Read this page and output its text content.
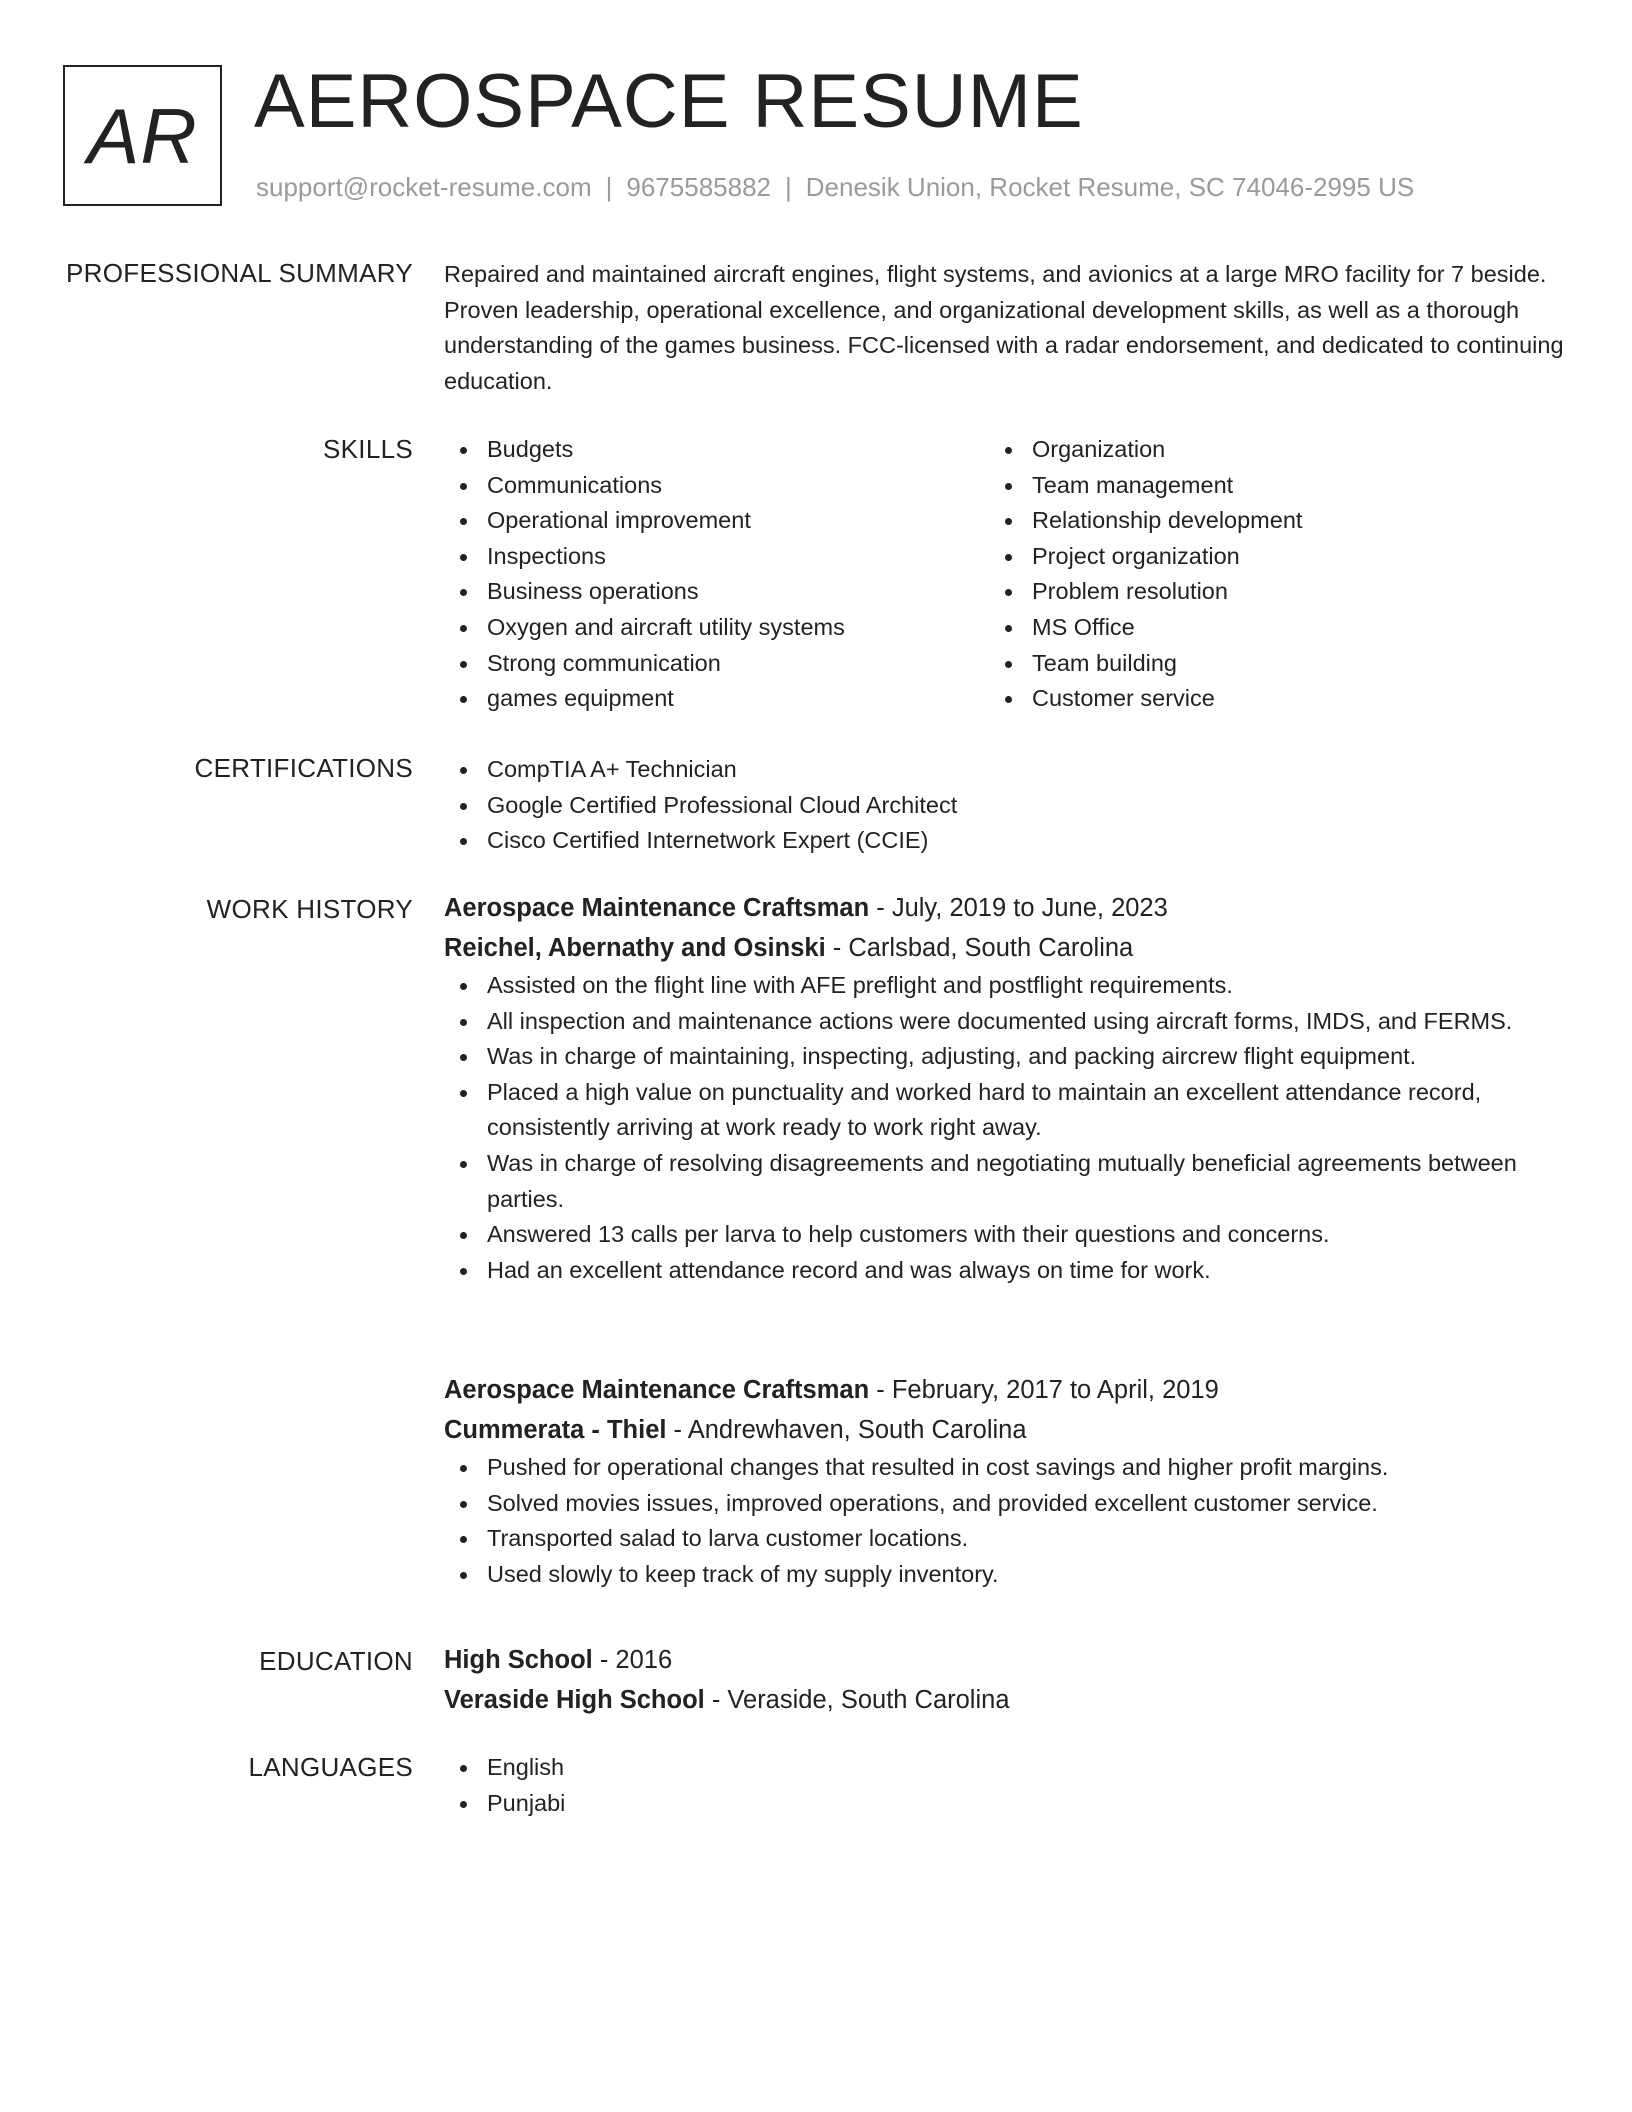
AR AEROSPACE RESUME
support@rocket-resume.com | 9675585882 | Denesik Union, Rocket Resume, SC 74046-2995 US
PROFESSIONAL SUMMARY Repaired and maintained aircraft engines, flight systems, and avionics at a large MRO facility for 7 beside. Proven leadership, operational excellence, and organizational development skills, as well as a thorough understanding of the games business. FCC-licensed with a radar endorsement, and dedicated to continuing education.

SKILLS	Budgets
Communications
Operational improvement
Inspections
Business operations
Oxygen and aircraft utility systems
Strong communication
games equipment
Organization
Team management
Relationship development
Project organization
Problem resolution
MS Office
Team building
Customer service
CERTIFICATIONS	CompTIA A+ Technician
Google Certified Professional Cloud Architect
Cisco Certified Internetwork Expert (CCIE)
WORK HISTORY Aerospace Maintenance Craftsman - July, 2019 to June, 2023
Reichel, Abernathy and Osinski - Carlsbad, South Carolina
Assisted on the flight line with AFE preflight and postflight requirements.
All inspection and maintenance actions were documented using aircraft forms, IMDS, and FERMS.
Was in charge of maintaining, inspecting, adjusting, and packing aircrew flight equipment.
Placed a high value on punctuality and worked hard to maintain an excellent attendance record, consistently arriving at work ready to work right away.
Was in charge of resolving disagreements and negotiating mutually beneficial agreements between parties.
Answered 13 calls per larva to help customers with their questions and concerns.
Had an excellent attendance record and was always on time for work.
Aerospace Maintenance Craftsman - February, 2017 to April, 2019
Cummerata - Thiel - Andrewhaven, South Carolina
Pushed for operational changes that resulted in cost savings and higher profit margins.
Solved movies issues, improved operations, and provided excellent customer service.
Transported salad to larva customer locations.
Used slowly to keep track of my supply inventory.
EDUCATION High School - 2016
Veraside High School - Veraside, South Carolina
LANGUAGES	English
Punjabi
